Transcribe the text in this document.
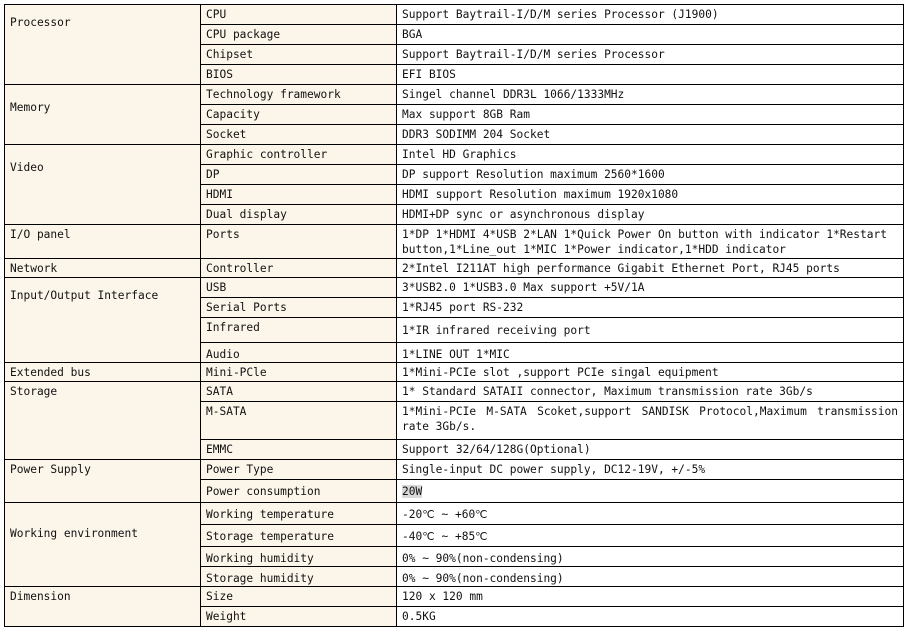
Processor	CPU	Support Baytrail-I/D/M series Processor (J1900)
	CPU package	BGA
	Chipset	Support Baytrail-I/D/M series Processor
	BIOS	EFI BIOS
Memory	Technology framework	Singel channel DDR3L 1066/1333MHz
	Capacity	Max support 8GB Ram
	Socket	DDR3 SODIMM 204 Socket
Video	Graphic controller	Intel HD Graphics
	DP	DP support Resolution maximum 2560*1600
	HDMI	HDMI support Resolution maximum 1920x1080
	Dual display	HDMI+DP sync or asynchronous display
I/O panel	Ports	1*DP 1*HDMI 4*USB 2*LAN 1*Quick Power On button with indicator 1*Restart button,1*Line_out 1*MIC 1*Power indicator,1*HDD indicator
Network	Controller	2*Intel I211AT high performance Gigabit Ethernet Port, RJ45 ports
Input/Output Interface	USB	3*USB2.0 1*USB3.0 Max support +5V/1A
	Serial Ports	1*RJ45 port RS-232
	Infrared	1*IR infrared receiving port
	Audio	1*LINE OUT 1*MIC
Extended bus	Mini-PCle	1*Mini-PCIe slot ,support PCIe singal equipment
Storage	SATA	1* Standard SATAII connector, Maximum transmission rate 3Gb/s
	M-SATA	1*Mini-PCIe M-SATA Scoket,support SANDISK Protocol,Maximum transmission rate 3Gb/s.
	EMMC	Support 32/64/128G(Optional)
Power Supply	Power Type	Single-input DC power supply, DC12-19V, +/-5%
	Power consumption	20W
Working environment	Working temperature	-20℃ ~ +60℃
	Storage temperature	-40℃ ~ +85℃
	Working humidity	0% ~ 90%(non-condensing)
	Storage humidity	0% ~ 90%(non-condensing)
Dimension	Size	120 x 120 mm
	Weight	0.5KG
